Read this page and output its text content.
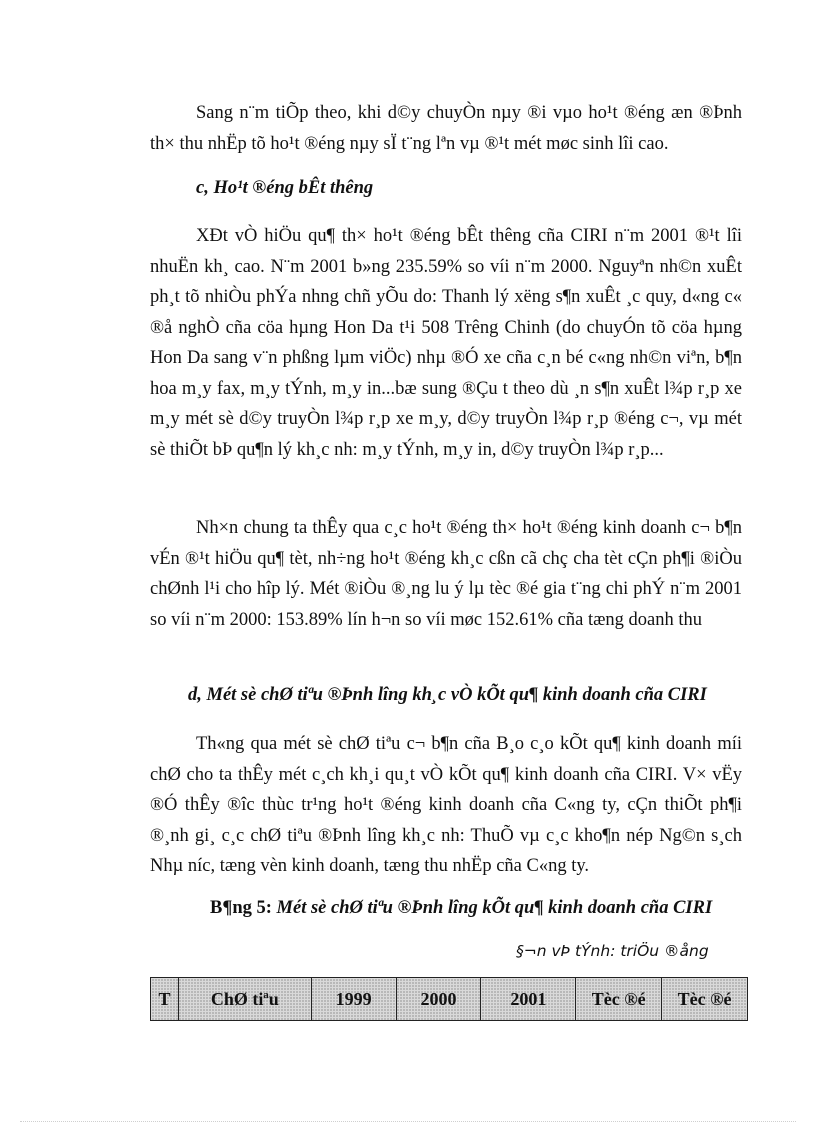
Sang n¨m tiÕp theo, khi d©y chuyÒn nµy ®i vµo ho¹t ®éng æn ®Þnh th× thu nhËp tõ ho¹t ®éng nµy sÏ t¨ng lªn vµ ®¹t mét møc sinh lîi cao.

c, Ho¹t ®éng bÊt thêng

XÐt vÒ hiÖu qu¶ th× ho¹t ®éng bÊt thêng cña CIRI n¨m 2001 ®¹t lîi nhuËn kh¸ cao. N¨m 2001 b»ng 235.59% so víi n¨m 2000. Nguyªn nh©n xuÊt ph¸t tõ nhiÒu phÝa nhng chñ yÕu do: Thanh lý xëng s¶n xuÊt ¸c quy, d«ng c« ®å nghÒ cña cöa hµng Hon Da t¹i 508 Trêng Chinh (do chuyÓn tõ cöa hµng Hon Da sang v¨n phßng lµm viÖc) nhµ ®Ó xe cña c¸n bé c«ng nh©n viªn, b¶n hoa m¸y fax, m¸y tÝnh, m¸y in...bæ sung ®Çu t theo dù ¸n s¶n xuÊt l¾p r¸p xe m¸y mét sè d©y truyÒn l¾p r¸p xe m¸y, d©y truyÒn l¾p r¸p ®éng c¬, vµ mét sè thiÕt bÞ qu¶n lý kh¸c nh: m¸y tÝnh, m¸y in, d©y truyÒn l¾p r¸p...

Nh×n chung ta thÊy qua c¸c ho¹t ®éng th× ho¹t ®éng kinh doanh c¬ b¶n vÉn ®¹t hiÖu qu¶ tèt, nh÷ng ho¹t ®éng kh¸c cßn cã chç cha tèt cÇn ph¶i ®iÒu chØnh l¹i cho hîp lý. Mét ®iÒu ®¸ng lu ý lµ tèc ®é gia t¨ng chi phÝ n¨m 2001 so víi n¨m 2000: 153.89% lín h¬n so víi møc 152.61% cña tæng doanh thu

d, Mét sè chØ tiªu ®Þnh lîng kh¸c vÒ kÕt qu¶ kinh doanh cña CIRI

Th«ng qua mét sè chØ tiªu c¬ b¶n cña B¸o c¸o kÕt qu¶ kinh doanh míi chØ cho ta thÊy mét c¸ch kh¸i qu¸t vÒ kÕt qu¶ kinh doanh cña CIRI. V× vËy ®Ó thÊy ®îc thùc tr¹ng ho¹t ®éng kinh doanh cña C«ng ty, cÇn thiÕt ph¶i ®¸nh gi¸ c¸c chØ tiªu ®Þnh lîng kh¸c nh: ThuÕ vµ c¸c kho¶n nép Ng©n s¸ch Nhµ níc, tæng vèn kinh doanh, tæng thu nhËp cña C«ng ty.

B¶ng 5: Mét sè chØ tiªu ®Þnh lîng kÕt qu¶ kinh doanh cña CIRI

§¬n vÞ tÝnh: triÖu ®ång

T	ChØ tiªu	1999	2000	2001	Tèc ®é	Tèc ®é
